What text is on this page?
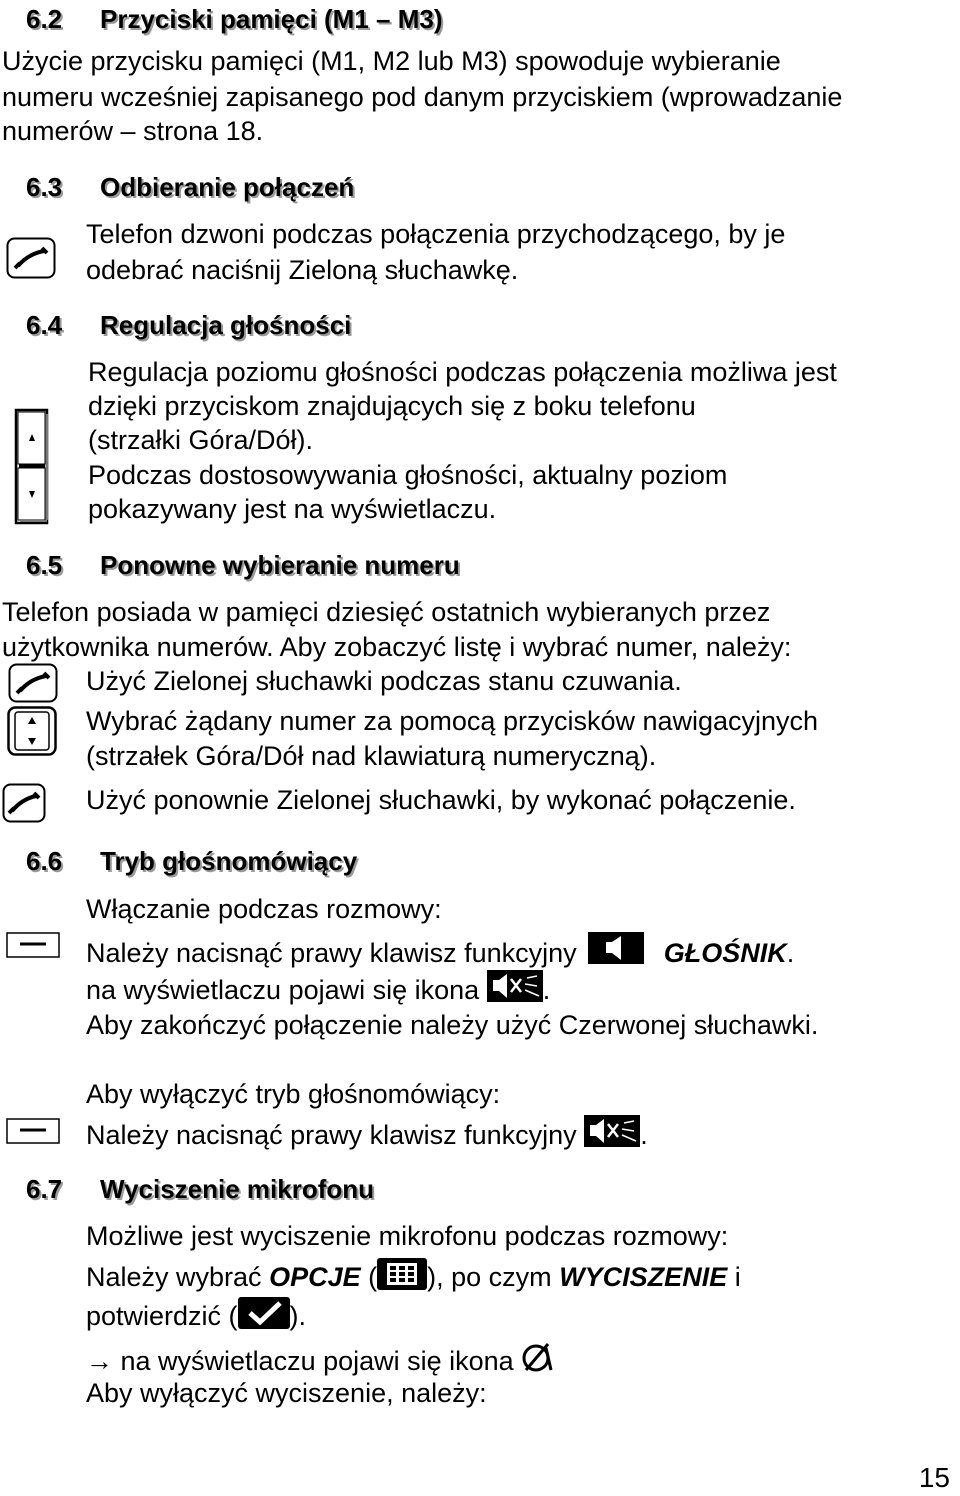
6.2 Przyciski pamięci (M1 – M3)
Użycie przycisku pamięci (M1, M2 lub M3) spowoduje wybieranie
numeru wcześniej zapisanego pod danym przyciskiem (wprowadzanie
numerów – strona 18.
6.3 Odbieranie połączeń
Telefon dzwoni podczas połączenia przychodzącego, by je
odebrać naciśnij Zieloną słuchawkę.
6.4 Regulacja głośności
Regulacja poziomu głośności podczas połączenia możliwa jest
dzięki przyciskom znajdujących się z boku telefonu
(strzałki Góra/Dół).
Podczas dostosowywania głośności, aktualny poziom
pokazywany jest na wyświetlaczu.
6.5 Ponowne wybieranie numeru
Telefon posiada w pamięci dziesięć ostatnich wybieranych przez
użytkownika numerów. Aby zobaczyć listę i wybrać numer, należy:
Użyć Zielonej słuchawki podczas stanu czuwania.
Wybrać żądany numer za pomocą przycisków nawigacyjnych
(strzałek Góra/Dół nad klawiaturą numeryczną).
Użyć ponownie Zielonej słuchawki, by wykonać połączenie.
6.6 Tryb głośnomówiący
Włączanie podczas rozmowy:
Należy nacisnąć prawy klawisz funkcyjny	GŁOŚNIK.
na wyświetlaczu pojawi się ikona .
Aby zakończyć połączenie należy użyć Czerwonej słuchawki.
Aby wyłączyć tryb głośnomówiący:
Należy nacisnąć prawy klawisz funkcyjny .
6.7 Wyciszenie mikrofonu
Możliwe jest wyciszenie mikrofonu podczas rozmowy:
Należy wybrać OPCJE ( ), po czym WYCISZENIE i
potwierdzić ( ).
→ na wyświetlaczu pojawi się ikona
Aby wyłączyć wyciszenie, należy:
15
